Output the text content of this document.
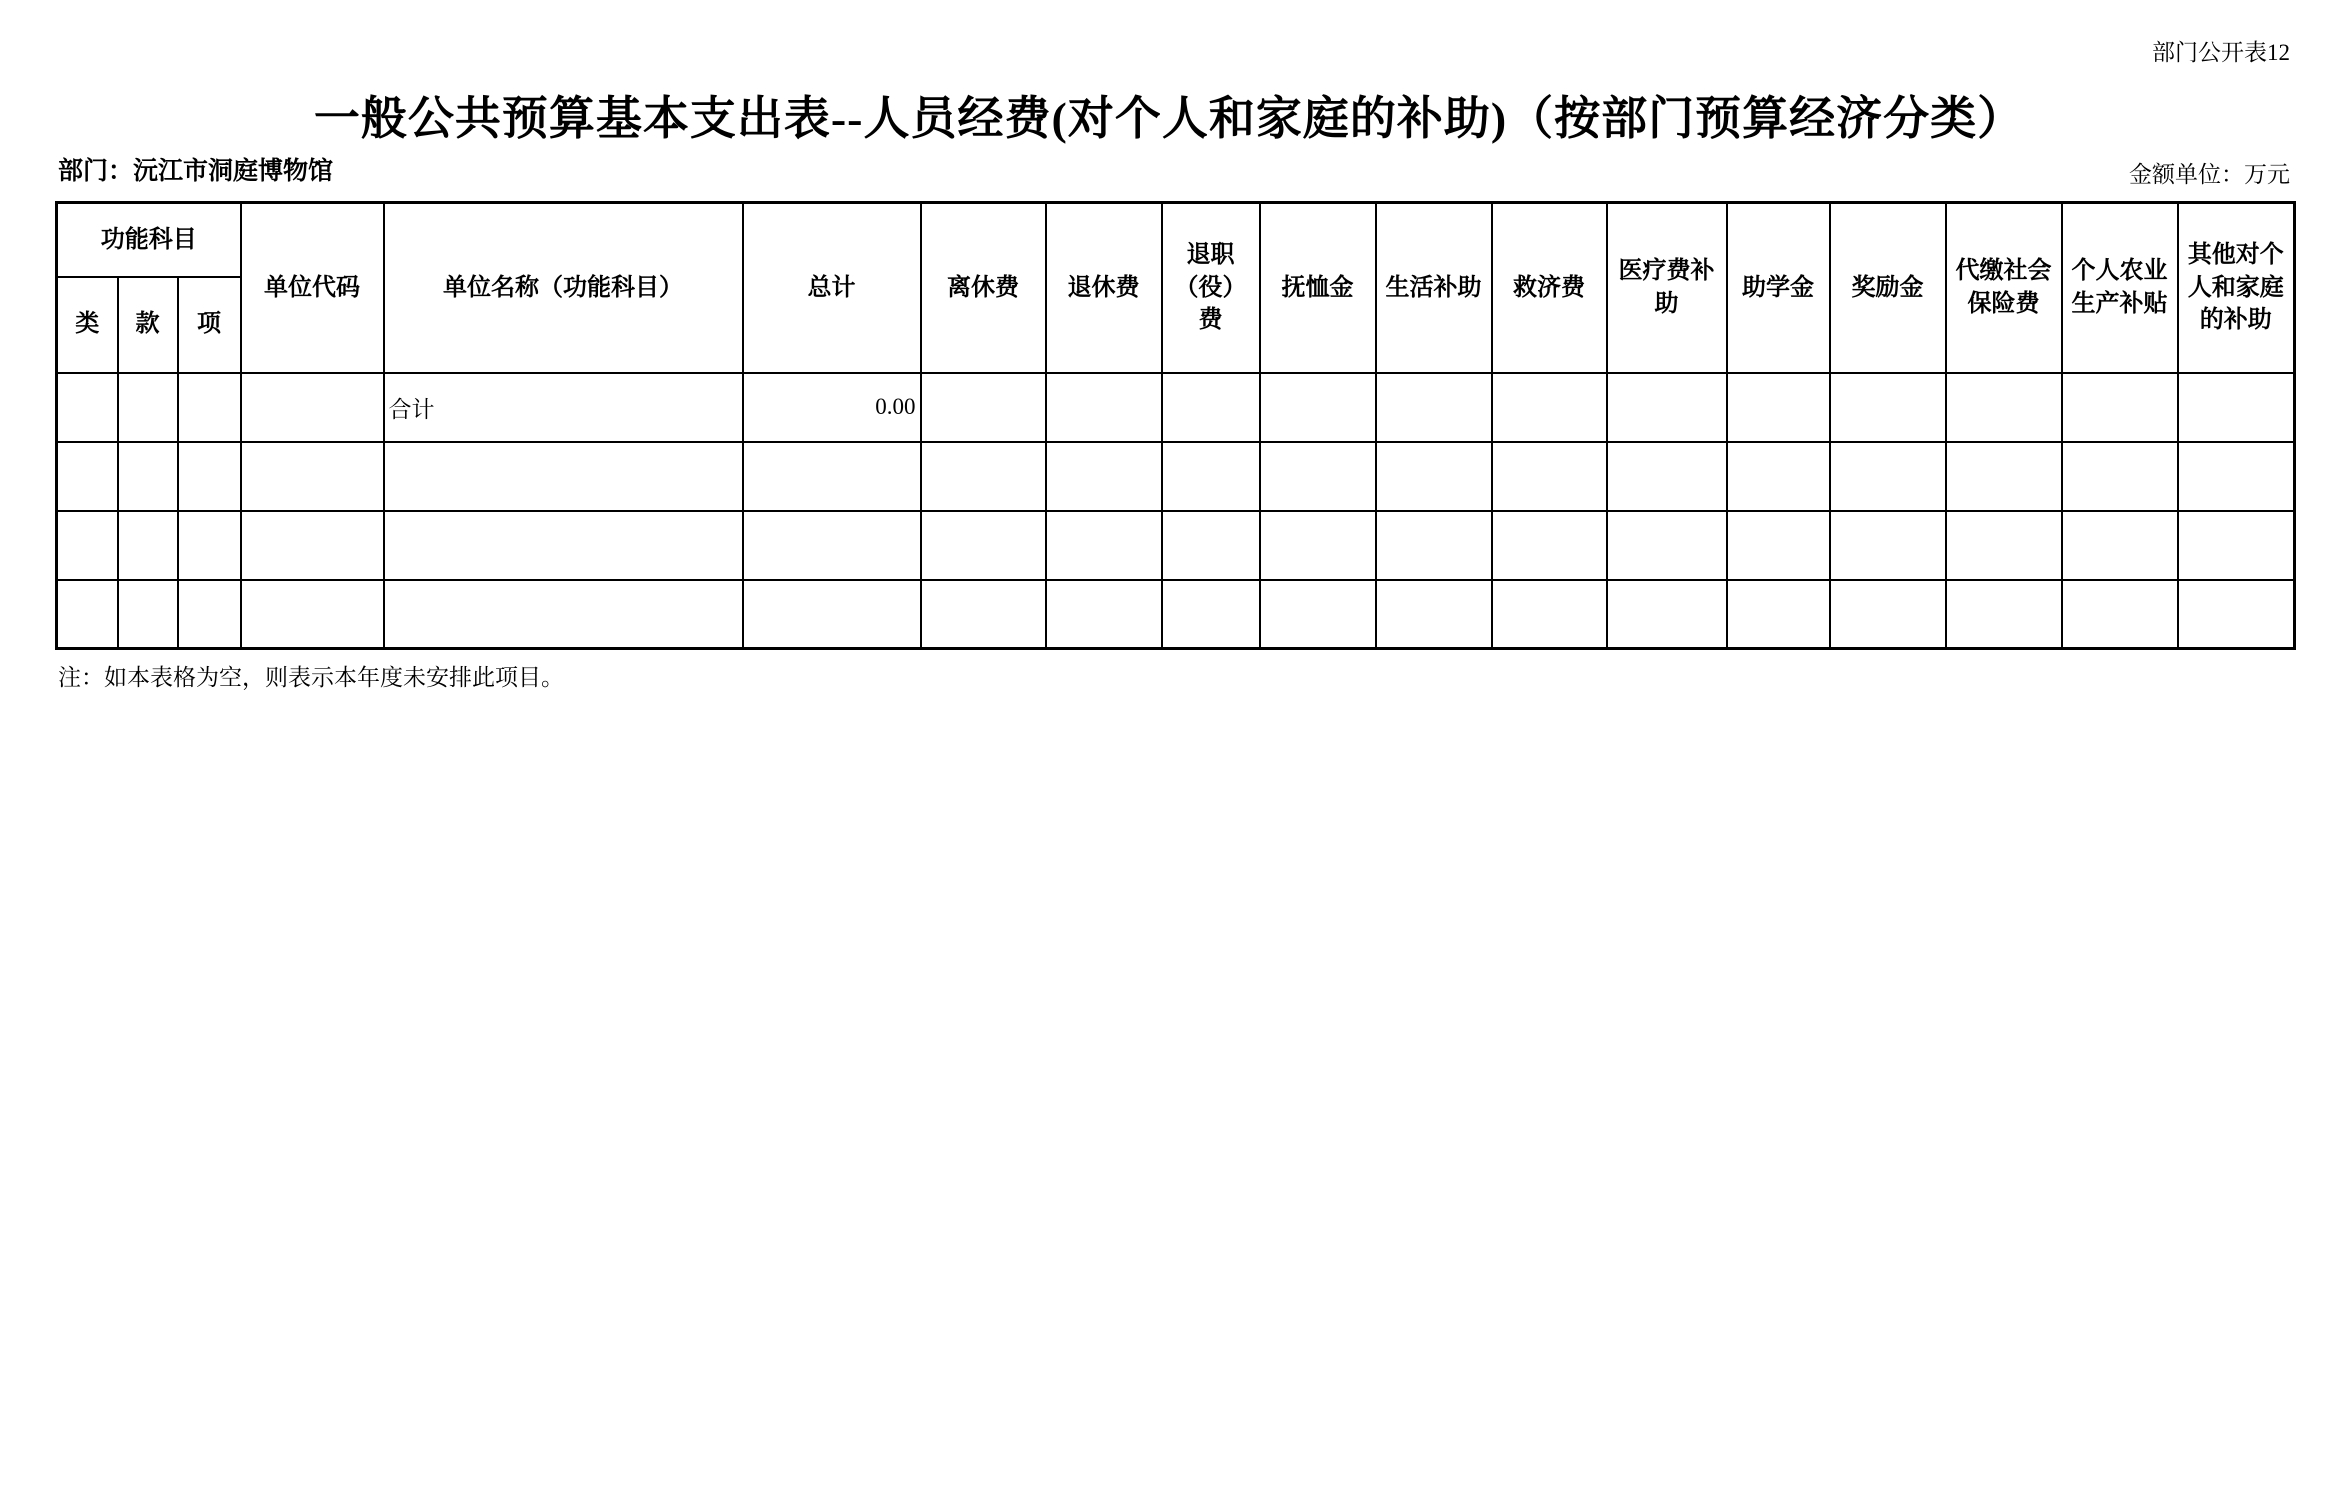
部门公开表12
一般公共预算基本支出表--人员经费(对个人和家庭的补助)（按部门预算经济分类）
部门：沅江市洞庭博物馆	金额单位：万元
功能科目			单位代码	单位名称（功能科目）	总计	离休费	退休费	退职（役）费	抚恤金	生活补助	救济费	医疗费补助	助学金	奖励金	代缴社会保险费	个人农业生产补贴	其他对个人和家庭的补助
类	款	项															
				合计	0.00												

注：如本表格为空，则表示本年度未安排此项目。
